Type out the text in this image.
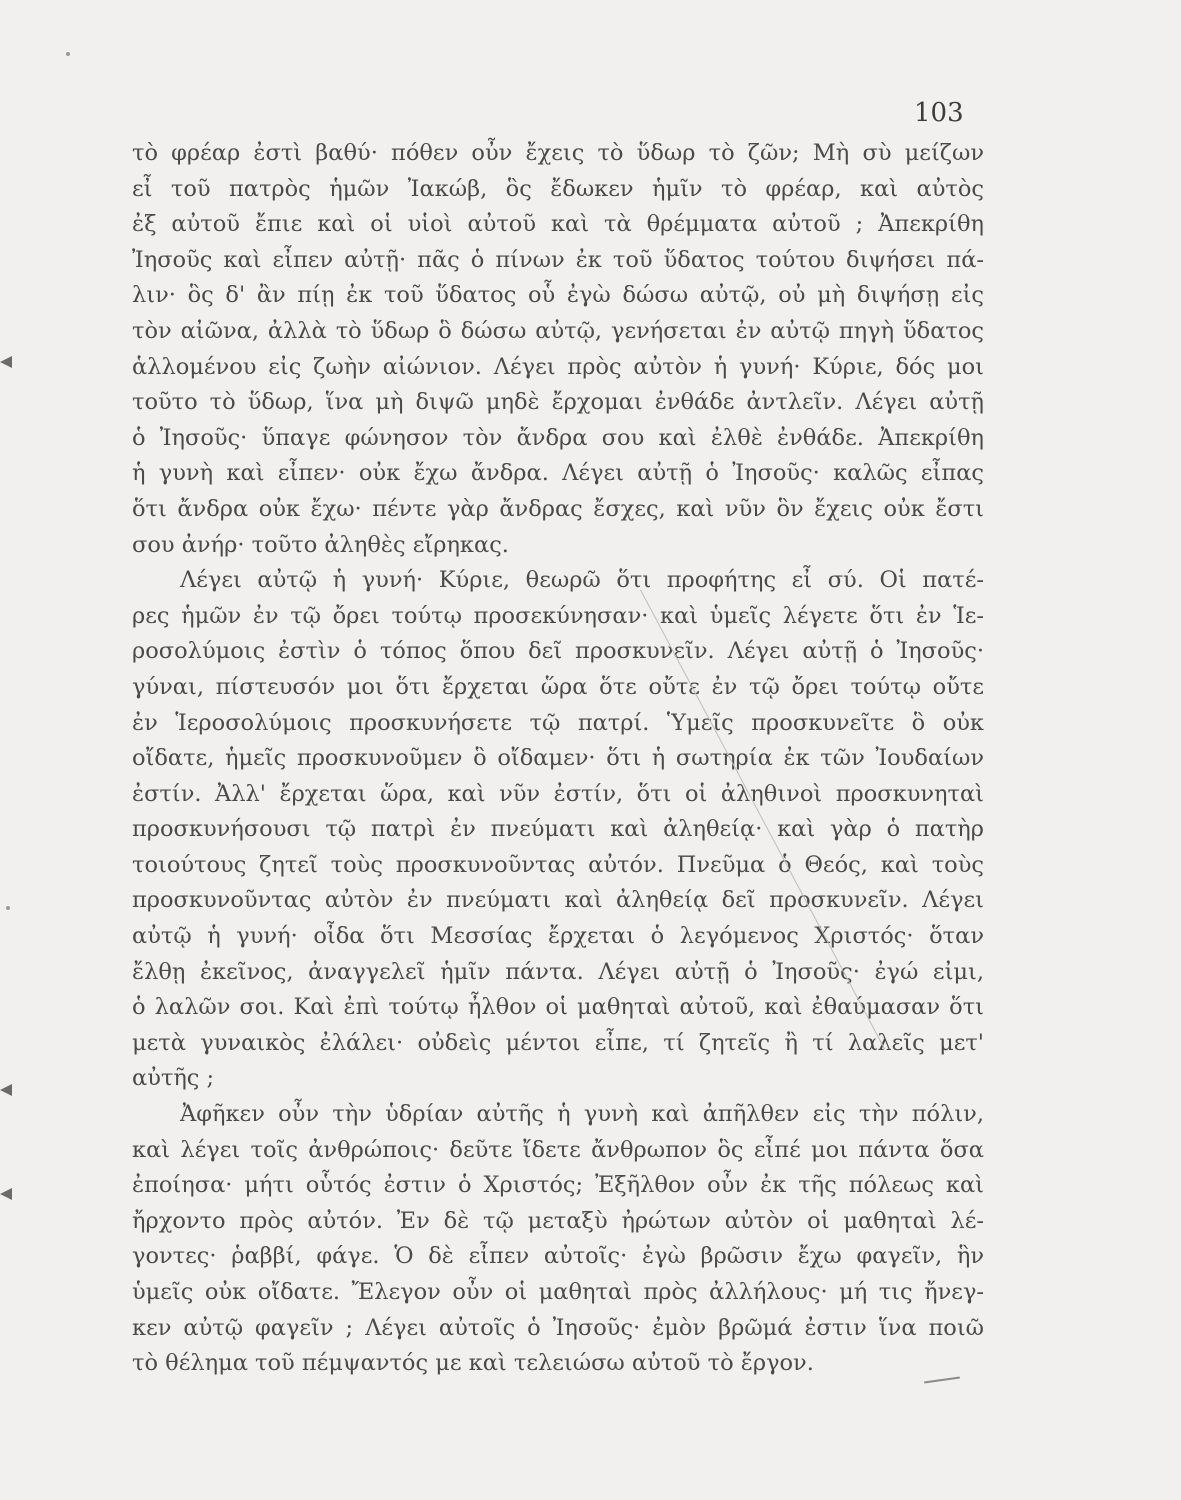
103
τὸ φρέαρ ἐστὶ βαθύ· πόθεν οὖν ἔχεις τὸ ὕδωρ τὸ ζῶν; Μὴ σὺ μείζων
εἶ τοῦ πατρὸς ἡμῶν Ἰακώβ, ὃς ἔδωκεν ἡμῖν τὸ φρέαρ, καὶ αὐτὸς
ἐξ αὐτοῦ ἔπιε καὶ οἱ υἱοὶ αὐτοῦ καὶ τὰ θρέμματα αὐτοῦ ; Ἀπεκρίθη
Ἰησοῦς καὶ εἶπεν αὐτῇ· πᾶς ὁ πίνων ἐκ τοῦ ὕδατος τούτου διψήσει πά-
λιν· ὃς δ' ἂν πίῃ ἐκ τοῦ ὕδατος οὗ ἐγὼ δώσω αὐτῷ, οὐ μὴ διψήσῃ εἰς
τὸν αἰῶνα, ἀλλὰ τὸ ὕδωρ ὃ δώσω αὐτῷ, γενήσεται ἐν αὐτῷ πηγὴ ὕδατος
ἁλλομένου εἰς ζωὴν αἰώνιον. Λέγει πρὸς αὐτὸν ἡ γυνή· Κύριε, δός μοι
τοῦτο τὸ ὕδωρ, ἵνα μὴ διψῶ μηδὲ ἔρχομαι ἐνθάδε ἀντλεῖν. Λέγει αὐτῇ
ὁ Ἰησοῦς· ὕπαγε φώνησον τὸν ἄνδρα σου καὶ ἐλθὲ ἐνθάδε. Ἀπεκρίθη
ἡ γυνὴ καὶ εἶπεν· οὐκ ἔχω ἄνδρα. Λέγει αὐτῇ ὁ Ἰησοῦς· καλῶς εἶπας
ὅτι ἄνδρα οὐκ ἔχω· πέντε γὰρ ἄνδρας ἔσχες, καὶ νῦν ὃν ἔχεις οὐκ ἔστι
σου ἀνήρ· τοῦτο ἀληθὲς εἴρηκας.
Λέγει αὐτῷ ἡ γυνή· Κύριε, θεωρῶ ὅτι προφήτης εἶ σύ. Οἱ πατέ-
ρες ἡμῶν ἐν τῷ ὄρει τούτῳ προσεκύνησαν· καὶ ὑμεῖς λέγετε ὅτι ἐν Ἱε-
ροσολύμοις ἐστὶν ὁ τόπος ὅπου δεῖ προσκυνεῖν. Λέγει αὐτῇ ὁ Ἰησοῦς·
γύναι, πίστευσόν μοι ὅτι ἔρχεται ὥρα ὅτε οὔτε ἐν τῷ ὄρει τούτῳ οὔτε
ἐν Ἱεροσολύμοις προσκυνήσετε τῷ πατρί. Ὑμεῖς προσκυνεῖτε ὃ οὐκ
οἴδατε, ἡμεῖς προσκυνοῦμεν ὃ οἴδαμεν· ὅτι ἡ σωτηρία ἐκ τῶν Ἰουδαίων
ἐστίν. Ἀλλ' ἔρχεται ὥρα, καὶ νῦν ἐστίν, ὅτι οἱ ἀληθινοὶ προσκυνηταὶ
προσκυνήσουσι τῷ πατρὶ ἐν πνεύματι καὶ ἀληθείᾳ· καὶ γὰρ ὁ πατὴρ
τοιούτους ζητεῖ τοὺς προσκυνοῦντας αὐτόν. Πνεῦμα ὁ Θεός, καὶ τοὺς
προσκυνοῦντας αὐτὸν ἐν πνεύματι καὶ ἀληθείᾳ δεῖ προσκυνεῖν. Λέγει
αὐτῷ ἡ γυνή· οἶδα ὅτι Μεσσίας ἔρχεται ὁ λεγόμενος Χριστός· ὅταν
ἔλθῃ ἐκεῖνος, ἀναγγελεῖ ἡμῖν πάντα. Λέγει αὐτῇ ὁ Ἰησοῦς· ἐγώ εἰμι,
ὁ λαλῶν σοι. Καὶ ἐπὶ τούτῳ ἦλθον οἱ μαθηταὶ αὐτοῦ, καὶ ἐθαύμασαν ὅτι
μετὰ γυναικὸς ἐλάλει· οὐδεὶς μέντοι εἶπε, τί ζητεῖς ἢ τί λαλεῖς μετ'
αὐτῆς ;
Ἀφῆκεν οὖν τὴν ὑδρίαν αὐτῆς ἡ γυνὴ καὶ ἀπῆλθεν εἰς τὴν πόλιν,
καὶ λέγει τοῖς ἀνθρώποις· δεῦτε ἴδετε ἄνθρωπον ὃς εἶπέ μοι πάντα ὅσα
ἐποίησα· μήτι οὗτός ἐστιν ὁ Χριστός; Ἐξῆλθον οὖν ἐκ τῆς πόλεως καὶ
ἤρχοντο πρὸς αὐτόν. Ἐν δὲ τῷ μεταξὺ ἠρώτων αὐτὸν οἱ μαθηταὶ λέ-
γοντες· ῥαββί, φάγε. Ὁ δὲ εἶπεν αὐτοῖς· ἐγὼ βρῶσιν ἔχω φαγεῖν, ἣν
ὑμεῖς οὐκ οἴδατε. Ἔλεγον οὖν οἱ μαθηταὶ πρὸς ἀλλήλους· μή τις ἤνεγ-
κεν αὐτῷ φαγεῖν ; Λέγει αὐτοῖς ὁ Ἰησοῦς· ἐμὸν βρῶμά ἐστιν ἵνα ποιῶ
τὸ θέλημα τοῦ πέμψαντός με καὶ τελειώσω αὐτοῦ τὸ ἔργον.
